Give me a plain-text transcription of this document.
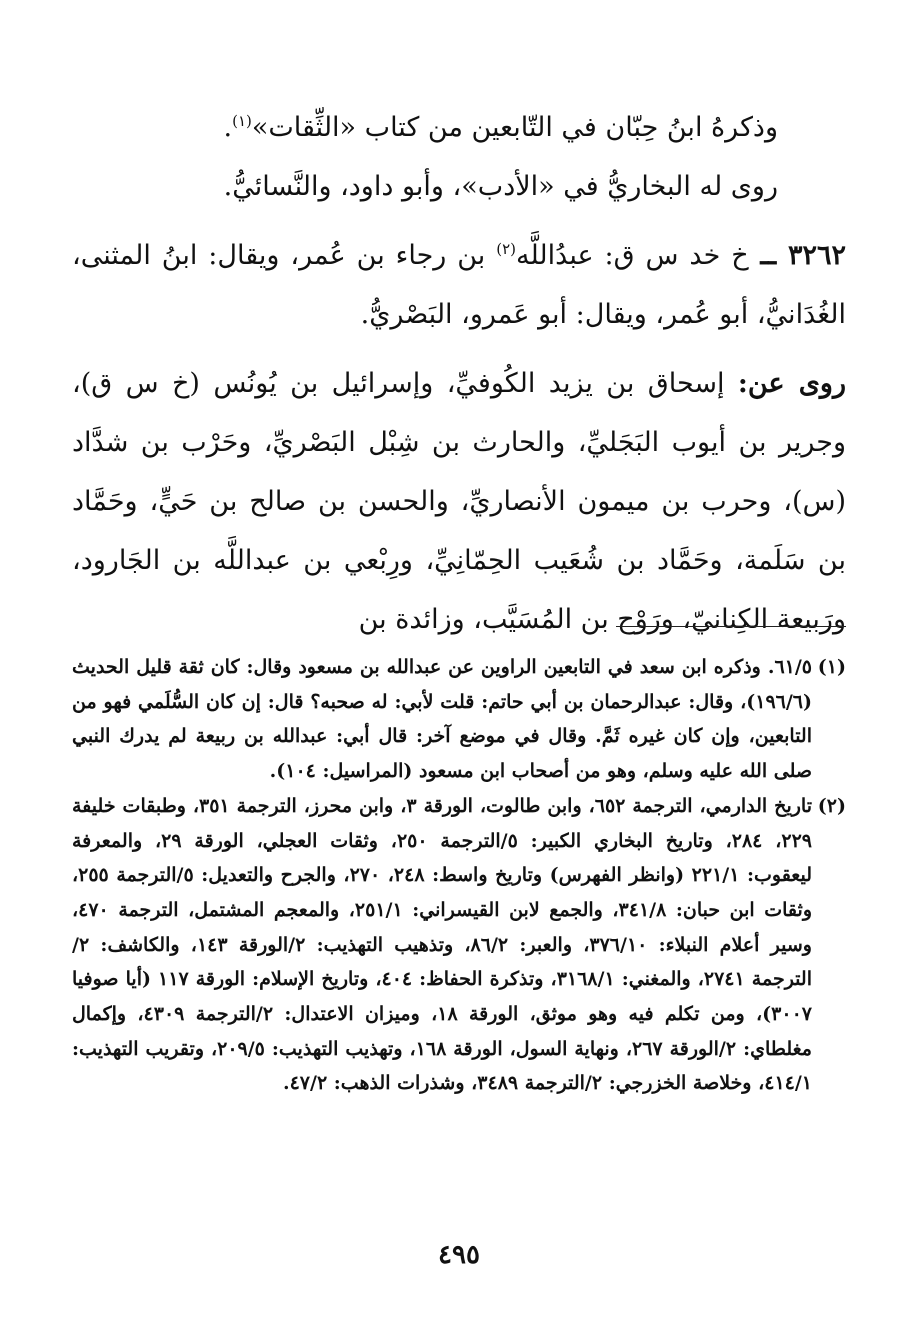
وذكرهُ ابنُ حِبّان في التّابعين من كتاب «الثِّقات»$^{(١)}$.

روى له البخاريُّ في «الأدب»، وأبو داود، والنَّسائيُّ.

٣٢٦٢ ــ خ خد س ق: عبدُاللَّه$^{(٢)}$ بن رجاء بن عُمر، ويقال: ابنُ المثنى، الغُدَانيُّ، أبو عُمر، ويقال: أبو عَمرو، البَصْريُّ.

روى عن: إسحاق بن يزيد الكُوفيِّ، وإسرائيل بن يُونُس (خ س ق)، وجرير بن أيوب البَجَليِّ، والحارث بن شِبْل البَصْريِّ، وحَرْب بن شدَّاد (س)، وحرب بن ميمون الأنصاريِّ، والحسن بن صالح بن حَيٍّ، وحَمَّاد بن سَلَمة، وحَمَّاد بن شُعَيب الحِمّانِيِّ، ورِبْعي بن عبداللَّه بن الجَارود، ورَبيعة الكِنانيّ، ورَوْح بن المُسَيَّب، وزائدة بن

(١)
٦١/٥. وذكره ابن سعد في التابعين الراوين عن عبدالله بن مسعود وقال: كان ثقة قليل الحديث (١٩٦/٦)، وقال: عبدالرحمان بن أبي حاتم: قلت لأبي: له صحبه؟ قال: إن كان السُّلَمي فهو من التابعين، وإن كان غيره ثَمَّ. وقال في موضع آخر: قال أبي: عبدالله بن ربيعة لم يدرك النبي صلى الله عليه وسلم، وهو من أصحاب ابن مسعود (المراسيل: ١٠٤).
(٢)
تاريخ الدارمي، الترجمة ٦٥٢، وابن طالوت، الورقة ٣، وابن محرز، الترجمة ٣٥١، وطبقات خليفة ٢٢٩، ٢٨٤، وتاريخ البخاري الكبير: ٥/الترجمة ٢٥٠، وثقات العجلي، الورقة ٢٩، والمعرفة ليعقوب: ٢٢١/١ (وانظر الفهرس) وتاريخ واسط: ٢٤٨، ٢٧٠، والجرح والتعديل: ٥/الترجمة ٢٥٥، وثقات ابن حبان: ٣٤١/٨، والجمع لابن القيسراني: ٢٥١/١، والمعجم المشتمل، الترجمة ٤٧٠، وسير أعلام النبلاء: ٣٧٦/١٠، والعبر: ٨٦/٢، وتذهيب التهذيب: ٢/الورقة ١٤٣، والكاشف: ٢/الترجمة ٢٧٤١، والمغني: ٣١٦٨/١، وتذكرة الحفاظ: ٤٠٤، وتاريخ الإسلام: الورقة ١١٧ (أيا صوفيا ٣٠٠٧)، ومن تكلم فيه وهو موثق، الورقة ١٨، وميزان الاعتدال: ٢/الترجمة ٤٣٠٩، وإكمال مغلطاي: ٢/الورقة ٢٦٧، ونهاية السول، الورقة ١٦٨، وتهذيب التهذيب: ٢٠٩/٥، وتقريب التهذيب: ٤١٤/١، وخلاصة الخزرجي: ٢/الترجمة ٣٤٨٩، وشذرات الذهب: ٤٧/٢.
٤٩٥
